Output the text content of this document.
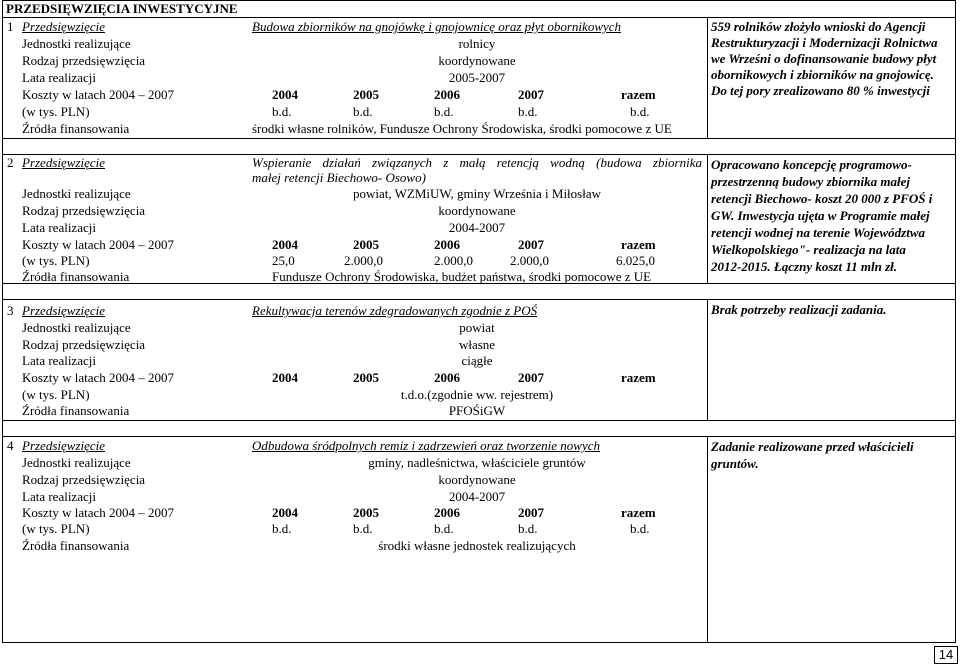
PRZEDSIĘWZIĘCIA INWESTYCYJNE
1 Przedsięwzięcie	Budowa zbiorników na gnojówkę i gnojownicę oraz płyt obornikowych
Jednostki realizujące	rolnicy
Rodzaj przedsięwzięcia	koordynowane
Lata realizacji	2005-2007
Koszty w latach 2004 – 2007	2004	2005	2006	2007	razem
(w tys. PLN)	b.d.	b.d.	b.d.	b.d.	b.d.
Źródła finansowania	środki własne rolników, Fundusze Ochrony Środowiska, środki pomocowe z UE
559 rolników złożyło wnioski do Agencji Restrukturyzacji i Modernizacji Rolnictwa we Wrześni o dofinansowanie budowy płyt obornikowych i zbiorników na gnojowicę. Do tej pory zrealizowano 80 % inwestycji
2 Przedsięwzięcie	Wspieranie działań związanych z małą retencją wodną (budowa zbiornika
małej retencji Biechowo- Osowo)
Jednostki realizujące	powiat, WZMiUW, gminy Września i Miłosław
Rodzaj przedsięwzięcia	koordynowane
Lata realizacji	2004-2007
Koszty w latach 2004 – 2007	2004	2005	2006	2007	razem
(w tys. PLN)	25,0	2.000,0	2.000,0	2.000,0	6.025,0
Źródła finansowania	Fundusze Ochrony Środowiska, budżet państwa, środki pomocowe z UE
Opracowano koncepcję programowo-przestrzenną budowy zbiornika małej retencji Biechowo- koszt 20 000 z PFOŚ i GW. Inwestycja ujęta w Programie małej retencji wodnej na terenie Województwa Wielkopolskiego"- realizacja na lata 2012-2015. Łączny koszt 11 mln zł.
3 Przedsięwzięcie	Rekultywacja terenów zdegradowanych zgodnie z POŚ
Jednostki realizujące	powiat
Rodzaj przedsięwzięcia	własne
Lata realizacji	ciągłe
Koszty w latach 2004 – 2007	2004	2005	2006	2007	razem
(w tys. PLN)	t.d.o.(zgodnie ww. rejestrem)
Źródła finansowania	PFOŚiGW
Brak potrzeby realizacji zadania.
4 Przedsięwzięcie	Odbudowa śródpolnych remiz i zadrzewień oraz tworzenie nowych
Jednostki realizujące	gminy, nadleśnictwa, właściciele gruntów
Rodzaj przedsięwzięcia	koordynowane
Lata realizacji	2004-2007
Koszty w latach 2004 – 2007	2004	2005	2006	2007	razem
(w tys. PLN)	b.d.	b.d.	b.d.	b.d.	b.d.
Źródła finansowania	środki własne jednostek realizujących
Zadanie realizowane przed właścicieli gruntów.
14
